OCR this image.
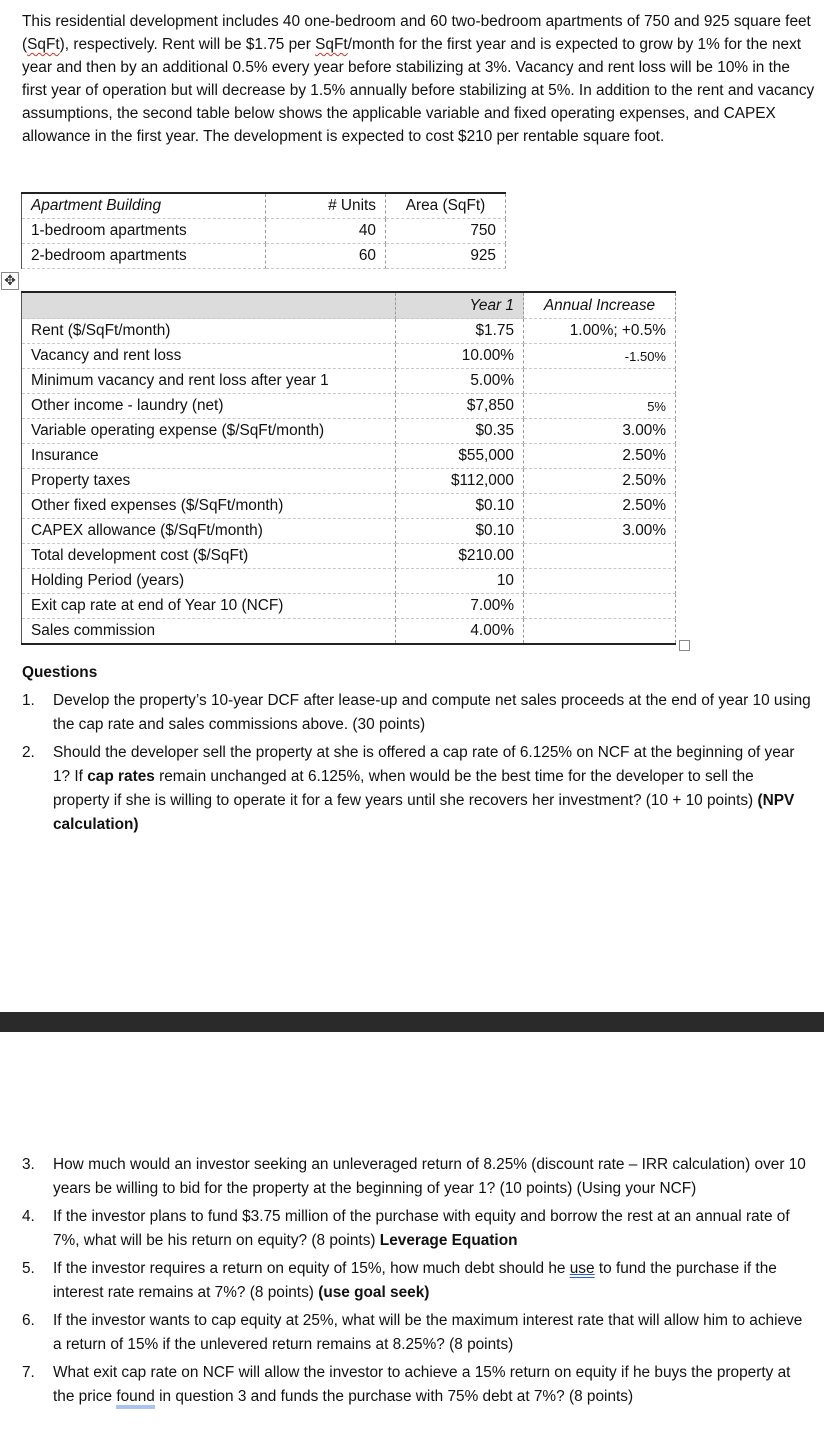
This residential development includes 40 one-bedroom and 60 two-bedroom apartments of 750 and 925 square feet (SqFt), respectively. Rent will be $1.75 per SqFt/month for the first year and is expected to grow by 1% for the next year and then by an additional 0.5% every year before stabilizing at 3%. Vacancy and rent loss will be 10% in the first year of operation but will decrease by 1.5% annually before stabilizing at 5%. In addition to the rent and vacancy assumptions, the second table below shows the applicable variable and fixed operating expenses, and CAPEX allowance in the first year. The development is expected to cost $210 per rentable square foot.
Apartment Building	# Units	Area (SqFt)
1-bedroom apartments	40	750
2-bedroom apartments	60	925
✥
	Year 1	Annual Increase
Rent ($/SqFt/month)	$1.75	1.00%; +0.5%
Vacancy and rent loss	10.00%	-1.50%
Minimum vacancy and rent loss after year 1	5.00%	
Other income - laundry (net)	$7,850	5%
Variable operating expense ($/SqFt/month)	$0.35	3.00%
Insurance	$55,000	2.50%
Property taxes	$112,000	2.50%
Other fixed expenses ($/SqFt/month)	$0.10	2.50%
CAPEX allowance ($/SqFt/month)	$0.10	3.00%
Total development cost ($/SqFt)	$210.00	
Holding Period (years)	10	
Exit cap rate at end of Year 10 (NCF)	7.00%	
Sales commission	4.00%	
Questions
1. Develop the property’s 10-year DCF after lease-up and compute net sales proceeds at the end of year 10 using the cap rate and sales commissions above. (30 points)
2. Should the developer sell the property at she is offered a cap rate of 6.125% on NCF at the beginning of year 1? If cap rates remain unchanged at 6.125%, when would be the best time for the developer to sell the property if she is willing to operate it for a few years until she recovers her investment? (10 + 10 points) (NPV calculation)
3. How much would an investor seeking an unleveraged return of 8.25% (discount rate – IRR calculation) over 10 years be willing to bid for the property at the beginning of year 1? (10 points) (Using your NCF)
4. If the investor plans to fund $3.75 million of the purchase with equity and borrow the rest at an annual rate of 7%, what will be his return on equity? (8 points) Leverage Equation
5. If the investor requires a return on equity of 15%, how much debt should he use to fund the purchase if the interest rate remains at 7%? (8 points) (use goal seek)
6. If the investor wants to cap equity at 25%, what will be the maximum interest rate that will allow him to achieve a return of 15% if the unlevered return remains at 8.25%? (8 points)
7. What exit cap rate on NCF will allow the investor to achieve a 15% return on equity if he buys the property at the price found in question 3 and funds the purchase with 75% debt at 7%? (8 points)
